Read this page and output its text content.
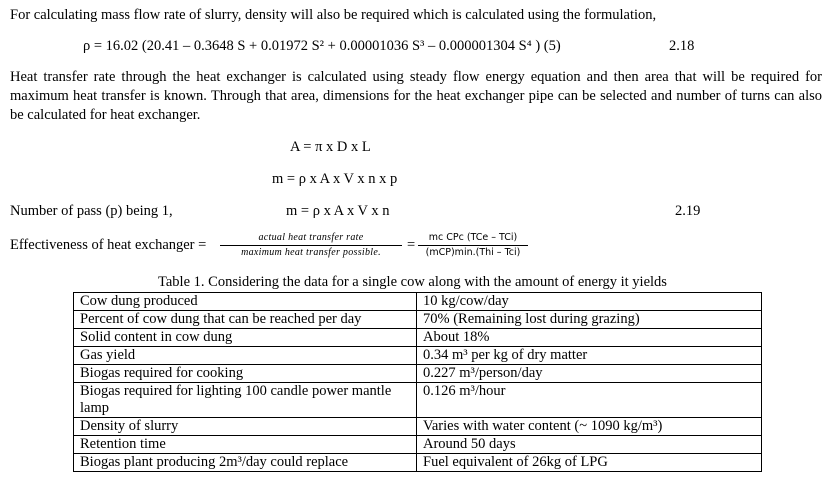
For calculating mass flow rate of slurry, density will also be required which is calculated using the formulation,
ρ = 16.02 (20.41 – 0.3648 S + 0.01972 S² + 0.00001036 S³ – 0.000001304 S⁴ ) (5)	2.18
Heat transfer rate through the heat exchanger is calculated using steady flow energy equation and then area that will be required for maximum heat transfer is known. Through that area, dimensions for the heat exchanger pipe can be selected and number of turns can also be calculated for heat exchanger.
A = π x D x L
m = ρ x A x V x n x p
Number of pass (p) being 1,	m = ρ x A x V x n	2.19
Effectiveness of heat exchanger =	actual heat transfer rate
maximum heat transfer possible.	=	mc CPc (TCe – TCi)
(mCP)min.(Thi – Tci)
Table 1. Considering the data for a single cow along with the amount of energy it yields
Cow dung produced	10 kg/cow/day
Percent of cow dung that can be reached per day	70% (Remaining lost during grazing)
Solid content in cow dung	About 18%
Gas yield	0.34 m³ per kg of dry matter
Biogas required for cooking	0.227 m³/person/day
Biogas required for lighting 100 candle power mantle lamp	0.126 m³/hour
Density of slurry	Varies with water content (~ 1090 kg/m³)
Retention time	Around 50 days
Biogas plant producing 2m³/day could replace	Fuel equivalent of 26kg of LPG
